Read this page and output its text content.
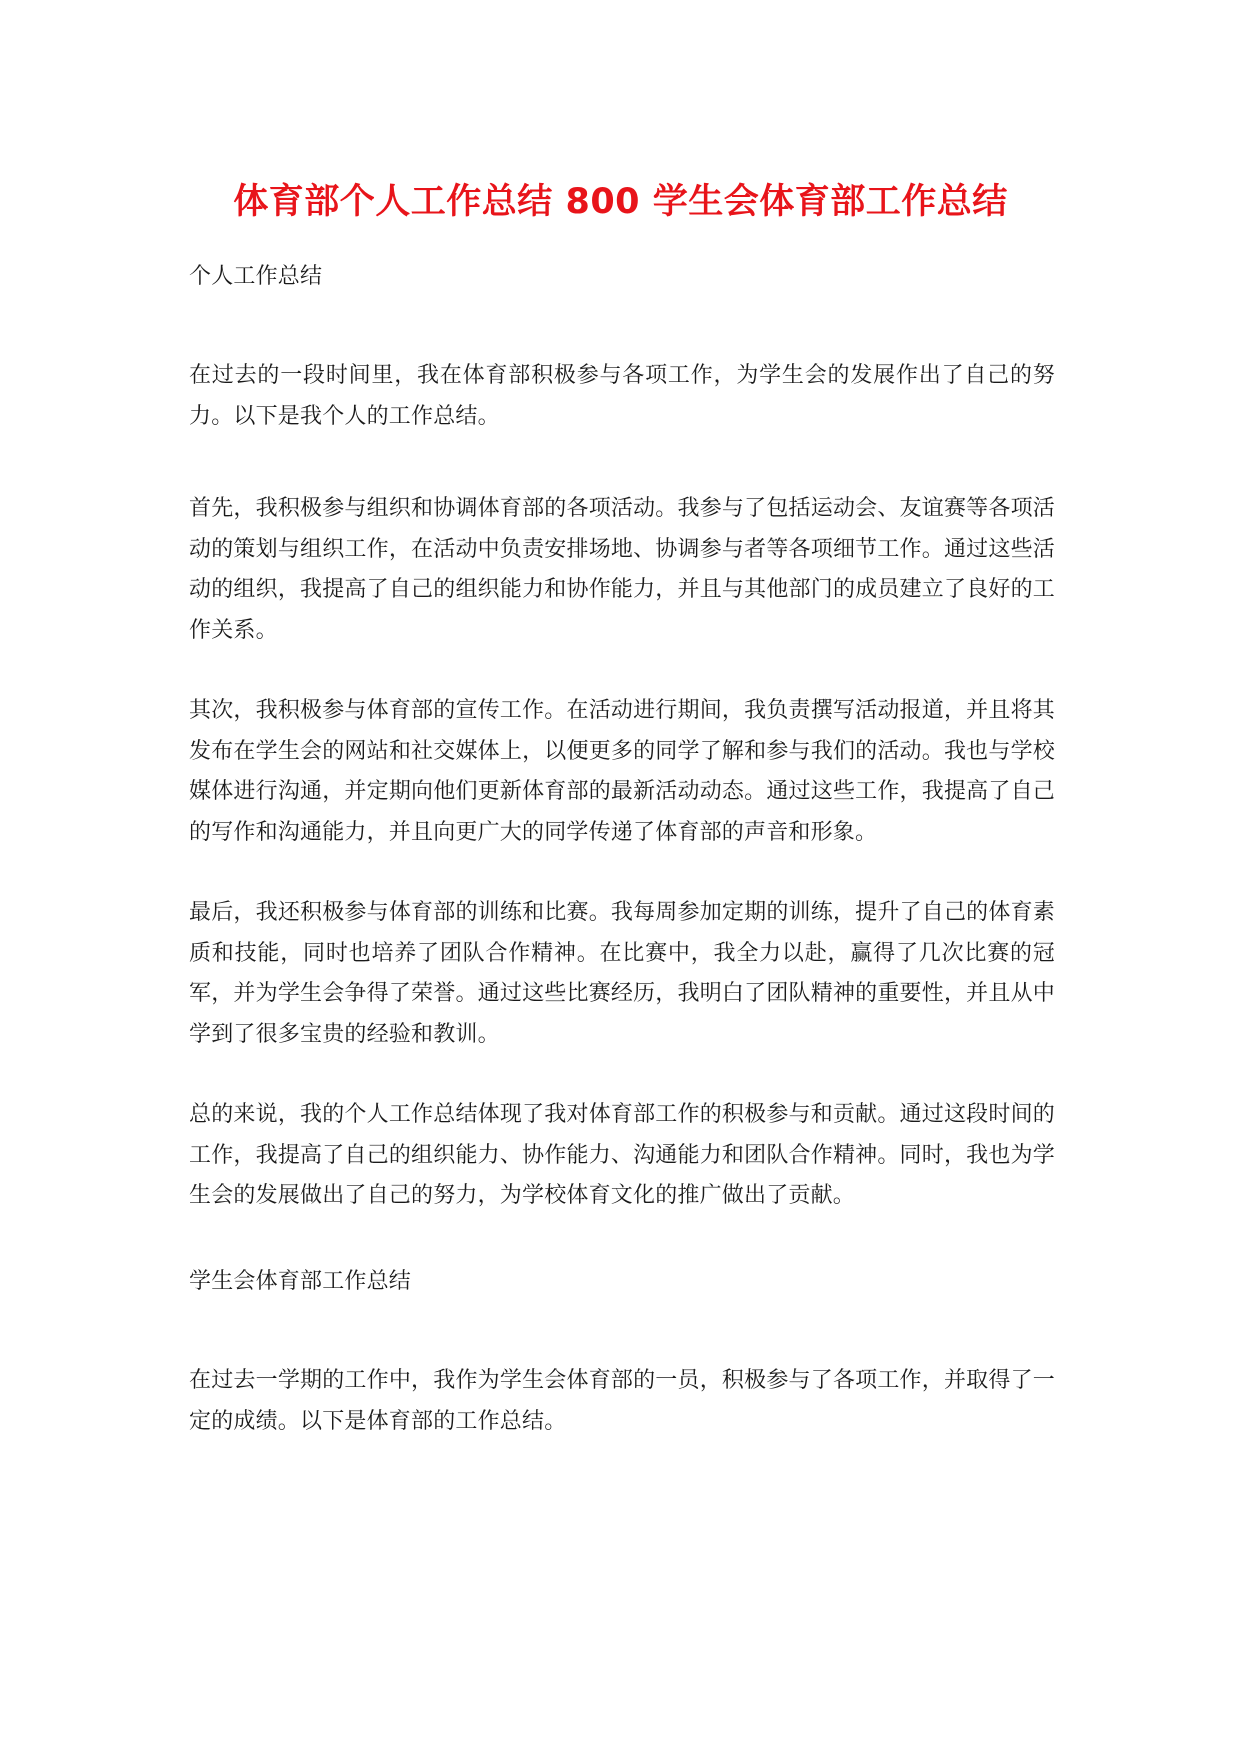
体育部个人工作总结 800 学生会体育部工作总结

个人工作总结

在过去的一段时间里，我在体育部积极参与各项工作，为学生会的发展作出了自己的努力。以下是我个人的工作总结。

首先，我积极参与组织和协调体育部的各项活动。我参与了包括运动会、友谊赛等各项活动的策划与组织工作，在活动中负责安排场地、协调参与者等各项细节工作。通过这些活动的组织，我提高了自己的组织能力和协作能力，并且与其他部门的成员建立了良好的工作关系。

其次，我积极参与体育部的宣传工作。在活动进行期间，我负责撰写活动报道，并且将其发布在学生会的网站和社交媒体上，以便更多的同学了解和参与我们的活动。我也与学校媒体进行沟通，并定期向他们更新体育部的最新活动动态。通过这些工作，我提高了自己的写作和沟通能力，并且向更广大的同学传递了体育部的声音和形象。

最后，我还积极参与体育部的训练和比赛。我每周参加定期的训练，提升了自己的体育素质和技能，同时也培养了团队合作精神。在比赛中，我全力以赴，赢得了几次比赛的冠军，并为学生会争得了荣誉。通过这些比赛经历，我明白了团队精神的重要性，并且从中学到了很多宝贵的经验和教训。

总的来说，我的个人工作总结体现了我对体育部工作的积极参与和贡献。通过这段时间的工作，我提高了自己的组织能力、协作能力、沟通能力和团队合作精神。同时，我也为学生会的发展做出了自己的努力，为学校体育文化的推广做出了贡献。

学生会体育部工作总结

在过去一学期的工作中，我作为学生会体育部的一员，积极参与了各项工作，并取得了一定的成绩。以下是体育部的工作总结。
